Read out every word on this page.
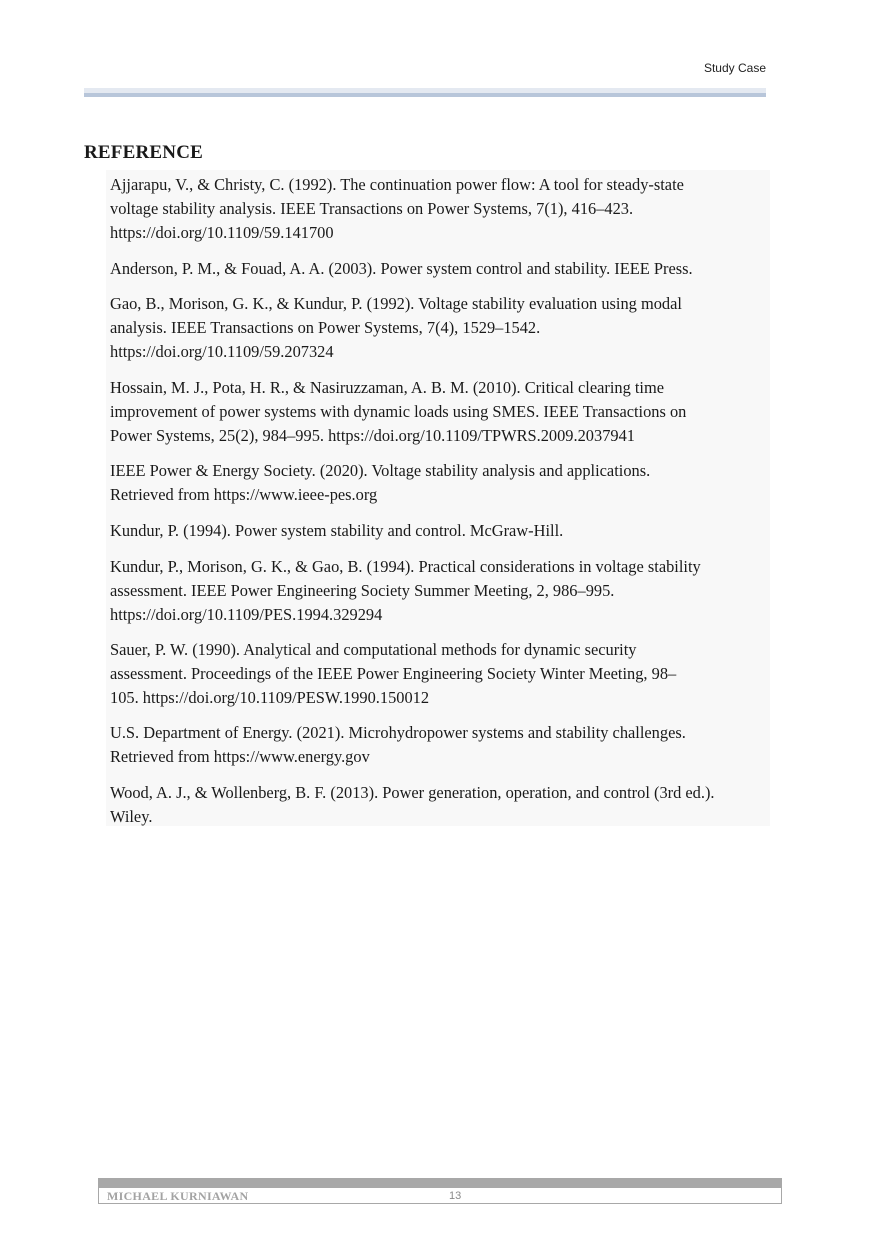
Study Case
REFERENCE

Ajjarapu, V., & Christy, C. (1992). The continuation power flow: A tool for steady-state
voltage stability analysis. IEEE Transactions on Power Systems, 7(1), 416–423.
https://doi.org/10.1109/59.141700

Anderson, P. M., & Fouad, A. A. (2003). Power system control and stability. IEEE Press.

Gao, B., Morison, G. K., & Kundur, P. (1992). Voltage stability evaluation using modal
analysis. IEEE Transactions on Power Systems, 7(4), 1529–1542.
https://doi.org/10.1109/59.207324

Hossain, M. J., Pota, H. R., & Nasiruzzaman, A. B. M. (2010). Critical clearing time
improvement of power systems with dynamic loads using SMES. IEEE Transactions on
Power Systems, 25(2), 984–995. https://doi.org/10.1109/TPWRS.2009.2037941

IEEE Power & Energy Society. (2020). Voltage stability analysis and applications.
Retrieved from https://www.ieee-pes.org

Kundur, P. (1994). Power system stability and control. McGraw-Hill.

Kundur, P., Morison, G. K., & Gao, B. (1994). Practical considerations in voltage stability
assessment. IEEE Power Engineering Society Summer Meeting, 2, 986–995.
https://doi.org/10.1109/PES.1994.329294

Sauer, P. W. (1990). Analytical and computational methods for dynamic security
assessment. Proceedings of the IEEE Power Engineering Society Winter Meeting, 98–
105. https://doi.org/10.1109/PESW.1990.150012

U.S. Department of Energy. (2021). Microhydropower systems and stability challenges.
Retrieved from https://www.energy.gov

Wood, A. J., & Wollenberg, B. F. (2013). Power generation, operation, and control (3rd ed.).
Wiley.

MICHAEL KURNIAWAN	13
